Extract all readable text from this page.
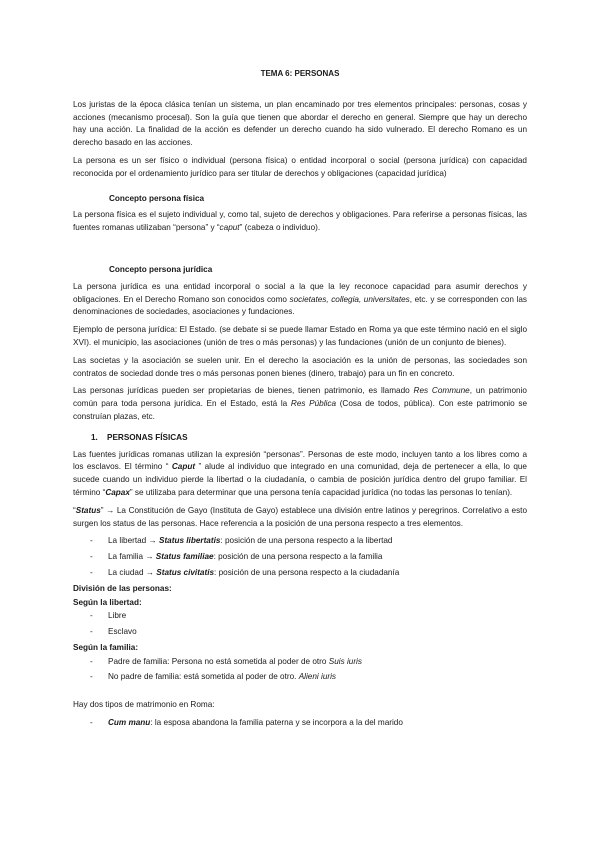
TEMA 6: PERSONAS

Los juristas de la época clásica tenían un sistema, un plan encaminado por tres elementos principales: personas, cosas y acciones (mecanismo procesal). Son la guía que tienen que abordar el derecho en general. Siempre que hay un derecho hay una acción. La finalidad de la acción es defender un derecho cuando ha sido vulnerado. El derecho Romano es un derecho basado en las acciones.

La persona es un ser físico o individual (persona física) o entidad incorporal o social (persona jurídica) con capacidad reconocida por el ordenamiento jurídico para ser titular de derechos y obligaciones (capacidad jurídica)

Concepto persona física

La persona física es el sujeto individual y, como tal, sujeto de derechos y obligaciones. Para referirse a personas físicas, las fuentes romanas utilizaban “persona” y “caput” (cabeza o individuo).

Concepto persona jurídica

La persona jurídica es una entidad incorporal o social a la que la ley reconoce capacidad para asumir derechos y obligaciones. En el Derecho Romano son conocidos como societates, collegia, universitates, etc. y se corresponden con las denominaciones de sociedades, asociaciones y fundaciones.

Ejemplo de persona jurídica: El Estado. (se debate si se puede llamar Estado en Roma ya que este término nació en el siglo XVI). el municipio, las asociaciones (unión de tres o más personas) y las fundaciones (unión de un conjunto de bienes).

Las societas y la asociación se suelen unir. En el derecho la asociación es la unión de personas, las sociedades son contratos de sociedad donde tres o más personas ponen bienes (dinero, trabajo) para un fin en concreto.

Las personas jurídicas pueden ser propietarias de bienes, tienen patrimonio, es llamado Res Commune, un patrimonio común para toda persona jurídica. En el Estado, está la Res Pública (Cosa de todos, pública). Con este patrimonio se construían plazas, etc.

1. PERSONAS FÍSICAS

Las fuentes jurídicas romanas utilizan la expresión “personas”. Personas de este modo, incluyen tanto a los libres como a los esclavos. El término “ Caput ” alude al individuo que integrado en una comunidad, deja de pertenecer a ella, lo que sucede cuando un individuo pierde la libertad o la ciudadanía, o cambia de posición jurídica dentro del grupo familiar. El término “Capax” se utilizaba para determinar que una persona tenía capacidad jurídica (no todas las personas lo tenían).

“Status” → La Constitución de Gayo (Instituta de Gayo) establece una división entre latinos y peregrinos. Correlativo a esto surgen los status de las personas. Hace referencia a la posición de una persona respecto a tres elementos.

- La libertad → Status libertatis: posición de una persona respecto a la libertad
- La familia → Status familiae: posición de una persona respecto a la familia
- La ciudad → Status civitatis: posición de una persona respecto a la ciudadanía
División de las personas:
Según la libertad:
- Libre
- Esclavo
Según la familia:
- Padre de familia: Persona no está sometida al poder de otro Suis iuris
- No padre de familia: está sometida al poder de otro. Alieni iuris

Hay dos tipos de matrimonio en Roma:

- Cum manu: la esposa abandona la familia paterna y se incorpora a la del marido
